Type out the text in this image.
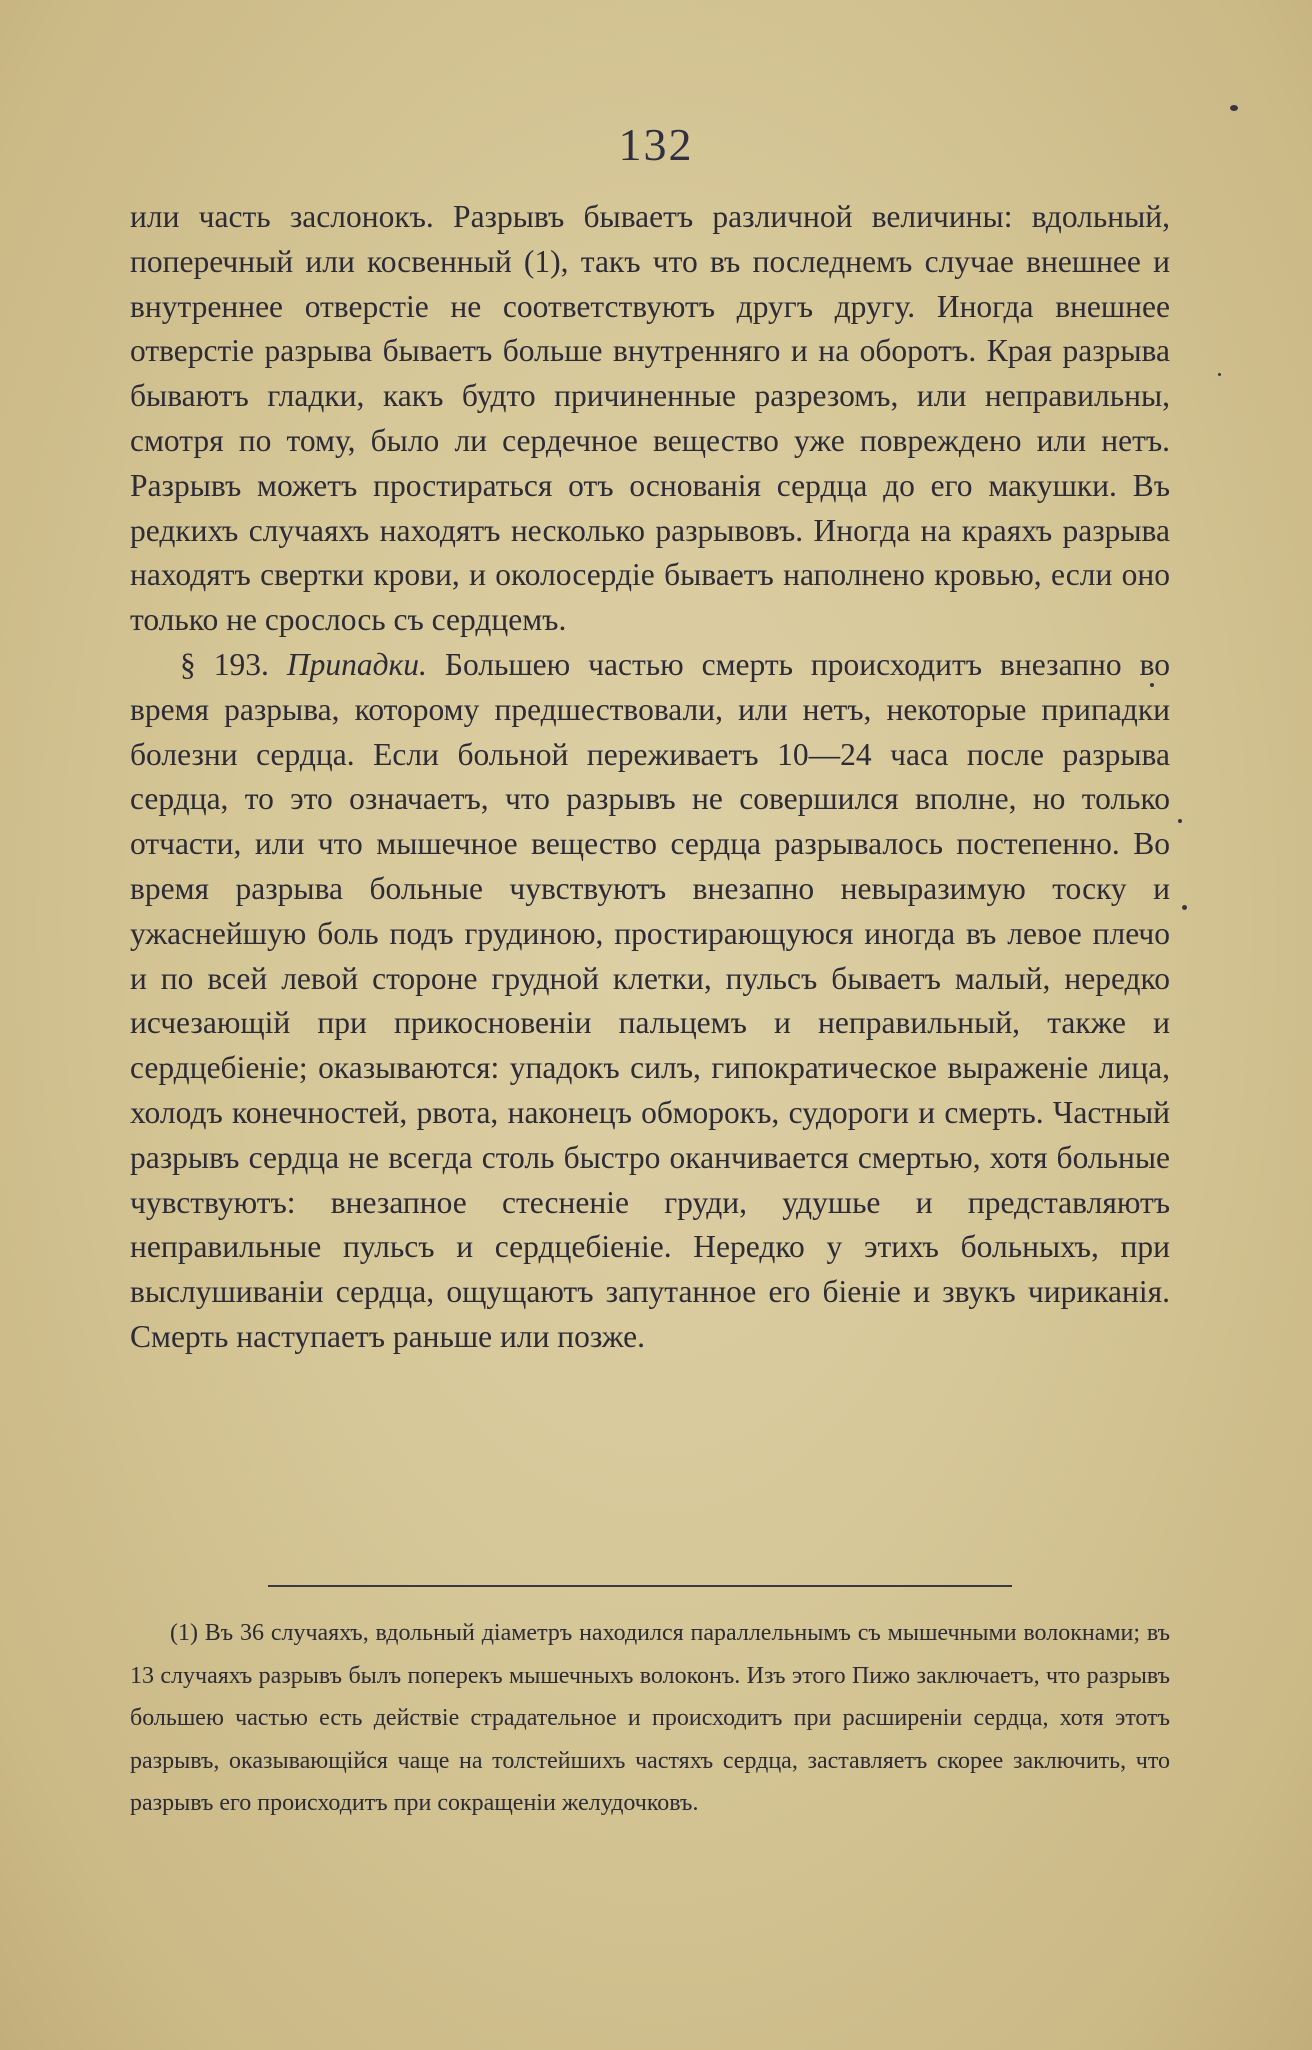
132

или часть заслонокъ. Разрывъ бываетъ различной величины: вдольный, поперечный или косвенный (1), такъ что въ последнемъ случае внешнее и внутреннее отверстіе не соответствуютъ другъ другу. Иногда внешнее отверстіе разрыва бываетъ больше внутренняго и на оборотъ. Края разрыва бываютъ гладки, какъ будто причиненные разрезомъ, или неправильны, смотря по тому, было ли сердечное вещество уже повреждено или нетъ. Разрывъ можетъ простираться отъ основанія сердца до его макушки. Въ редкихъ случаяхъ находятъ несколько разрывовъ. Иногда на краяхъ разрыва находятъ свертки крови, и околосердіе бываетъ наполнено кровью, если оно только не срослось съ сердцемъ.

§ 193. Припадки. Большею частью смерть происходитъ внезапно во время разрыва, которому предшествовали, или нетъ, некоторые припадки болезни сердца. Если больной переживаетъ 10—24 часа после разрыва сердца, то это означаетъ, что разрывъ не совершился вполне, но только отчасти, или что мышечное вещество сердца разрывалось постепенно. Во время разрыва больные чувствуютъ внезапно невыразимую тоску и ужаснейшую боль подъ грудиною, простирающуюся иногда въ левое плечо и по всей левой стороне грудной клетки, пульсъ бываетъ малый, нередко исчезающій при прикосновеніи пальцемъ и неправильный, также и сердцебіеніе; оказываются: упадокъ силъ, гипократическое выраженіе лица, холодъ конечностей, рвота, наконецъ обморокъ, судороги и смерть. Частный разрывъ сердца не всегда столь быстро оканчивается смертью, хотя больные чувствуютъ: внезапное стесненіе груди, удушье и представляютъ неправильные пульсъ и сердцебіеніе. Нередко у этихъ больныхъ, при выслушиваніи сердца, ощущаютъ запутанное его біеніе и звукъ чириканія. Смерть наступаетъ раньше или позже.

(1) Въ 36 случаяхъ, вдольный діаметръ находился параллельнымъ съ мышечными волокнами; въ 13 случаяхъ разрывъ былъ поперекъ мышечныхъ волоконъ. Изъ этого Пижо заключаетъ, что разрывъ большею частью есть действіе страдательное и происходитъ при расширеніи сердца, хотя этотъ разрывъ, оказывающійся чаще на толстейшихъ частяхъ сердца, заставляетъ скорее заключить, что разрывъ его происходитъ при сокращеніи желудочковъ.
